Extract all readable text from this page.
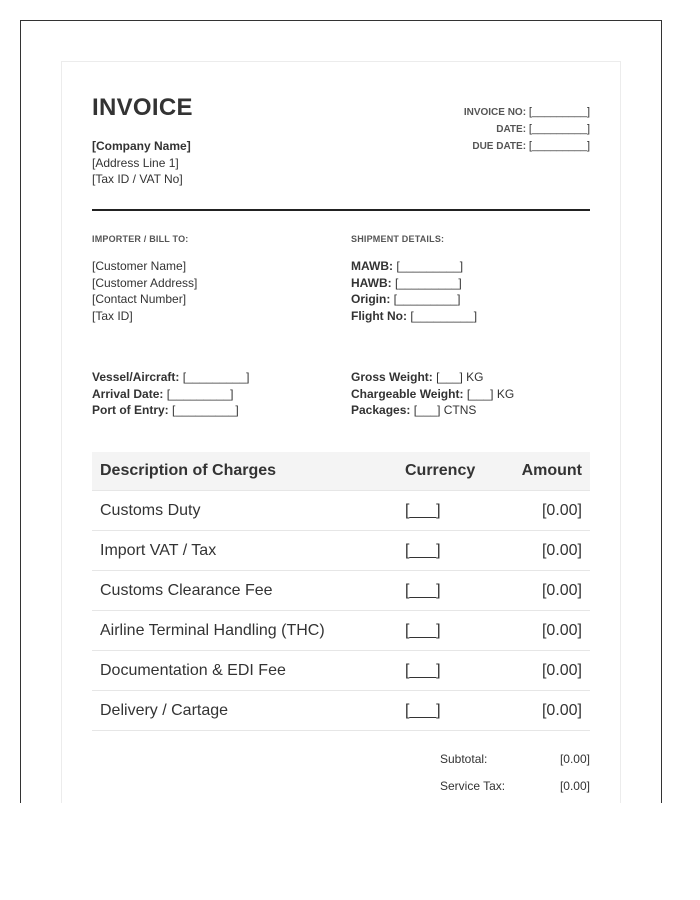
INVOICE
[Company Name]
[Address Line 1]
[Tax ID / VAT No]
INVOICE NO: [_________]
DATE: [_________]
DUE DATE: [_________]
IMPORTER / BILL TO:	SHIPMENT DETAILS:
[Customer Name]
[Customer Address]
[Contact Number]
[Tax ID]
MAWB: [_________]
HAWB: [_________]
Origin: [_________]
Flight No: [_________]
Vessel/Aircraft: [_________]
Arrival Date: [_________]
Port of Entry: [_________]
Gross Weight: [___] KG
Chargeable Weight: [___] KG
Packages: [___] CTNS
Description of Charges	Currency	Amount
Customs Duty	[___]	[0.00]
Import VAT / Tax	[___]	[0.00]
Customs Clearance Fee	[___]	[0.00]
Airline Terminal Handling (THC)	[___]	[0.00]
Documentation & EDI Fee	[___]	[0.00]
Delivery / Cartage	[___]	[0.00]
Subtotal:	[0.00]
Service Tax:	[0.00]
